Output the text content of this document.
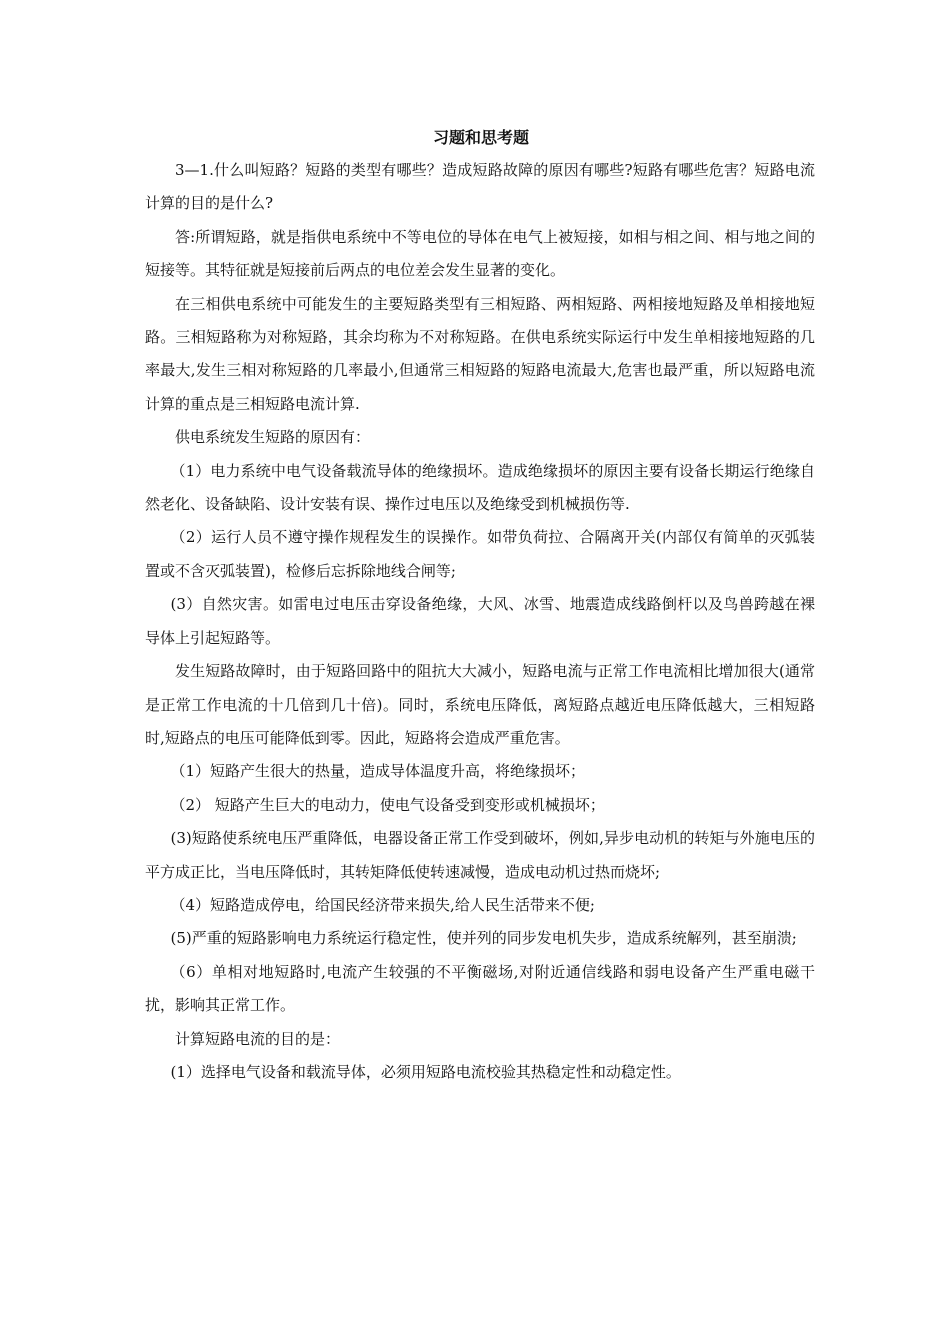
习题和思考题

3—1.什么叫短路？短路的类型有哪些？造成短路故障的原因有哪些?短路有哪些危害？短路电流计算的目的是什么?

答:所谓短路，就是指供电系统中不等电位的导体在电气上被短接，如相与相之间、相与地之间的短接等。其特征就是短接前后两点的电位差会发生显著的变化。

在三相供电系统中可能发生的主要短路类型有三相短路、两相短路、两相接地短路及单相接地短路。三相短路称为对称短路，其余均称为不对称短路。在供电系统实际运行中发生单相接地短路的几率最大,发生三相对称短路的几率最小,但通常三相短路的短路电流最大,危害也最严重，所以短路电流计算的重点是三相短路电流计算.

供电系统发生短路的原因有：

（1）电力系统中电气设备载流导体的绝缘损坏。造成绝缘损坏的原因主要有设备长期运行绝缘自然老化、设备缺陷、设计安装有误、操作过电压以及绝缘受到机械损伤等.

（2）运行人员不遵守操作规程发生的误操作。如带负荷拉、合隔离开关(内部仅有简单的灭弧装置或不含灭弧装置)，检修后忘拆除地线合闸等;

(3）自然灾害。如雷电过电压击穿设备绝缘，大风、冰雪、地震造成线路倒杆以及鸟兽跨越在裸导体上引起短路等。

发生短路故障时，由于短路回路中的阻抗大大减小，短路电流与正常工作电流相比增加很大(通常是正常工作电流的十几倍到几十倍)。同时，系统电压降低，离短路点越近电压降低越大，三相短路时,短路点的电压可能降低到零。因此，短路将会造成严重危害。

（1）短路产生很大的热量，造成导体温度升高，将绝缘损坏；

（2） 短路产生巨大的电动力，使电气设备受到变形或机械损坏；

(3)短路使系统电压严重降低，电器设备正常工作受到破坏，例如,异步电动机的转矩与外施电压的平方成正比，当电压降低时，其转矩降低使转速减慢，造成电动机过热而烧坏;

（4）短路造成停电，给国民经济带来损失,给人民生活带来不便;

(5)严重的短路影响电力系统运行稳定性，使并列的同步发电机失步，造成系统解列，甚至崩溃;

（6）单相对地短路时,电流产生较强的不平衡磁场,对附近通信线路和弱电设备产生严重电磁干扰，影响其正常工作。

计算短路电流的目的是：

(1）选择电气设备和载流导体，必须用短路电流校验其热稳定性和动稳定性。
